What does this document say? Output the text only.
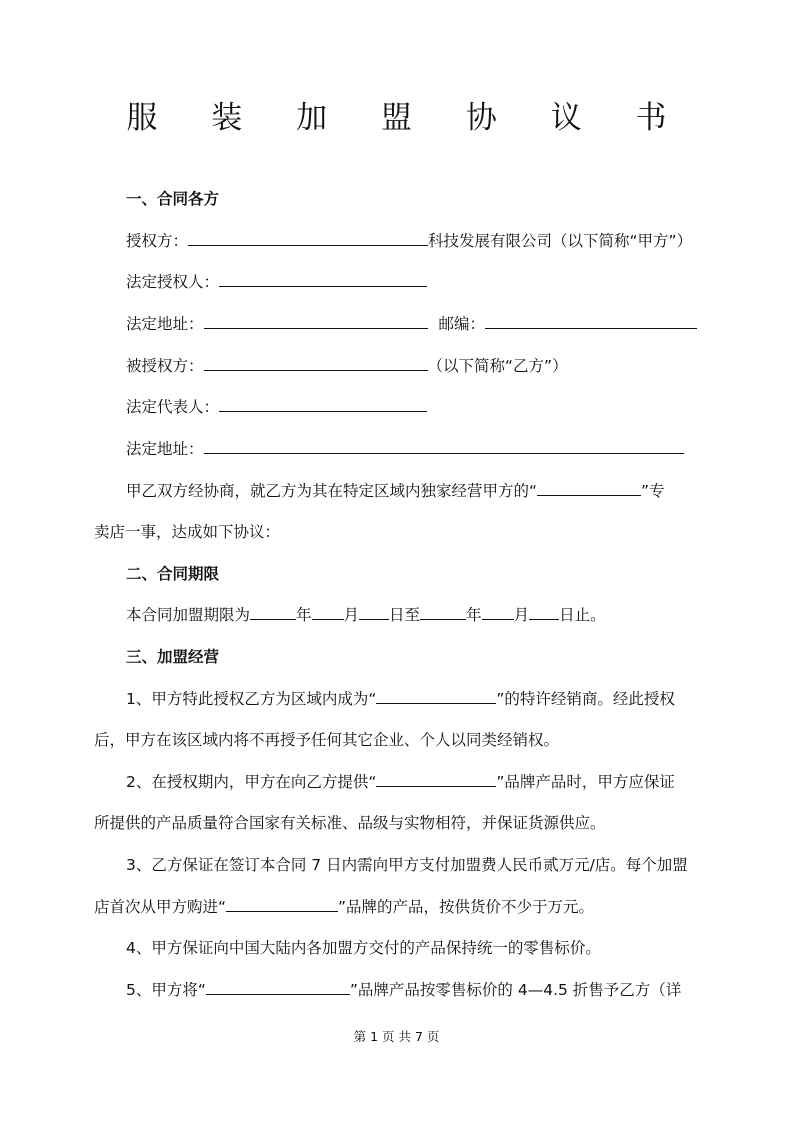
服 装 加 盟 协 议 书
一、合同各方
授权方：	科技发展有限公司（以下简称“甲方”）
法定授权人：
法定地址：	邮编：
被授权方：	（以下简称“乙方”）
法定代表人：
法定地址：
甲乙双方经协商，就乙方为其在特定区域内独家经营甲方的“	”专
卖店一事，达成如下协议：
二、合同期限
本合同加盟期限为	年 月 日至	年 月 日止。
三、加盟经营
1、甲方特此授权乙方为区域内成为“	”的特许经销商。经此授权
后，甲方在该区域内将不再授予任何其它企业、个人以同类经销权。
2、在授权期内，甲方在向乙方提供“	”品牌产品时，甲方应保证
所提供的产品质量符合国家有关标准、品级与实物相符，并保证货源供应。
3、乙方保证在签订本合同 7 日内需向甲方支付加盟费人民币贰万元/店。每个加盟
店首次从甲方购进“	”品牌的产品，按供货价不少于万元。
4、甲方保证向中国大陆内各加盟方交付的产品保持统一的零售标价。
5、甲方将“	”品牌产品按零售标价的 4—4.5 折售予乙方（详
第 1 页 共 7 页
